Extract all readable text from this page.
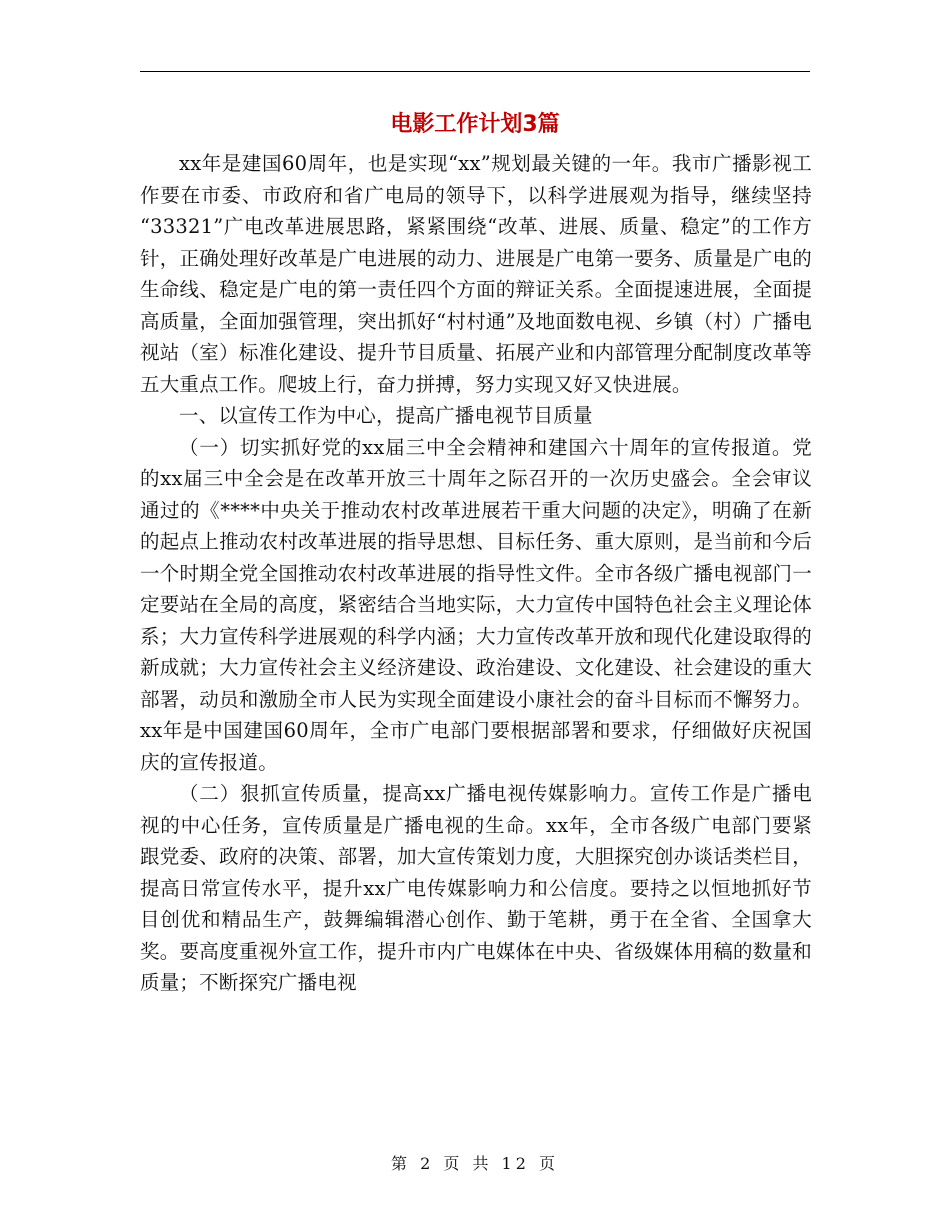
电影工作计划3篇

xx年是建国60周年，也是实现“xx”规划最关键的一年。我市广播影视工作要在市委、市政府和省广电局的领导下，以科学进展观为指导，继续坚持 “33321”广电改革进展思路，紧紧围绕“改革、进展、质量、稳定”的工作方针，正确处理好改革是广电进展的动力、进展是广电第一要务、质量是广电的生命线、稳定是广电的第一责任四个方面的辩证关系。全面提速进展，全面提高质量，全面加强管理，突出抓好“村村通”及地面数电视、乡镇（村）广播电视站（室）标准化建设、提升节目质量、拓展产业和内部管理分配制度改革等五大重点工作。爬坡上行，奋力拼搏，努力实现又好又快进展。

一、以宣传工作为中心，提高广播电视节目质量

（一）切实抓好党的xx届三中全会精神和建国六十周年的宣传报道。党的xx届三中全会是在改革开放三十周年之际召开的一次历史盛会。全会审议通过的《****中央关于推动农村改革进展若干重大问题的决定》，明确了在新的起点上推动农村改革进展的指导思想、目标任务、重大原则，是当前和今后一个时期全党全国推动农村改革进展的指导性文件。全市各级广播电视部门一定要站在全局的高度，紧密结合当地实际，大力宣传中国特色社会主义理论体系；大力宣传科学进展观的科学内涵；大力宣传改革开放和现代化建设取得的新成就；大力宣传社会主义经济建设、政治建设、文化建设、社会建设的重大部署，动员和激励全市人民为实现全面建设小康社会的奋斗目标而不懈努力。xx年是中国建国60周年，全市广电部门要根据部署和要求，仔细做好庆祝国庆的宣传报道。

（二）狠抓宣传质量，提高xx广播电视传媒影响力。宣传工作是广播电视的中心任务，宣传质量是广播电视的生命。xx年，全市各级广电部门要紧跟党委、政府的决策、部署，加大宣传策划力度，大胆探究创办谈话类栏目，提高日常宣传水平，提升xx广电传媒影响力和公信度。要持之以恒地抓好节目创优和精品生产，鼓舞编辑潜心创作、勤于笔耕，勇于在全省、全国拿大奖。要高度重视外宣工作，提升市内广电媒体在中央、省级媒体用稿的数量和质量；不断探究广播电视

第 2 页 共 12 页
